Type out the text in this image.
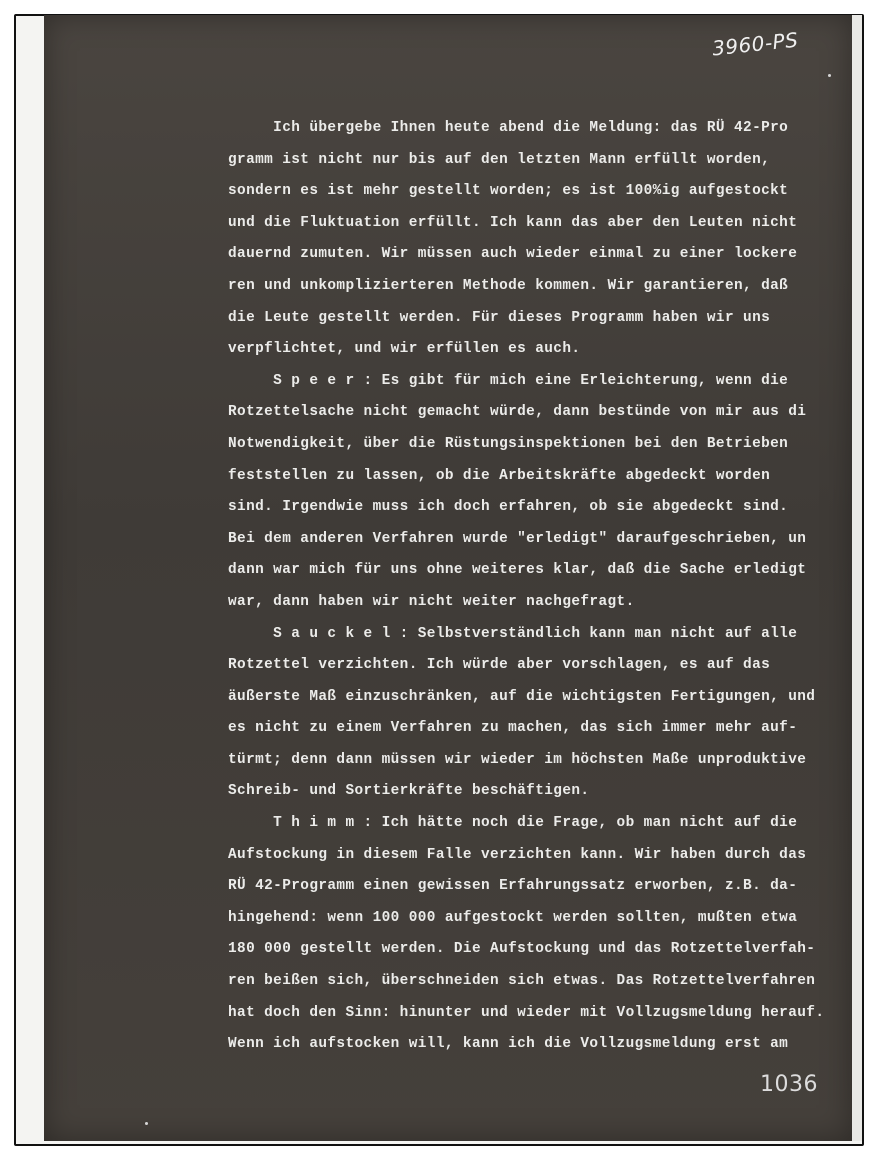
3960-PS
Ich übergebe Ihnen heute abend die Meldung: das RÜ 42-Pro
gramm ist nicht nur bis auf den letzten Mann erfüllt worden,
sondern es ist mehr gestellt worden; es ist 100%ig aufgestockt
und die Fluktuation erfüllt. Ich kann das aber den Leuten nicht
dauernd zumuten. Wir müssen auch wieder einmal zu einer lockere
ren und unkomplizierteren Methode kommen. Wir garantieren, daß
die Leute gestellt werden. Für dieses Programm haben wir uns
verpflichtet, und wir erfüllen es auch.
S p e e r : Es gibt für mich eine Erleichterung, wenn die
Rotzettelsache nicht gemacht würde, dann bestünde von mir aus di
Notwendigkeit, über die Rüstungsinspektionen bei den Betrieben
feststellen zu lassen, ob die Arbeitskräfte abgedeckt worden
sind. Irgendwie muss ich doch erfahren, ob sie abgedeckt sind.
Bei dem anderen Verfahren wurde "erledigt" daraufgeschrieben, un
dann war mich für uns ohne weiteres klar, daß die Sache erledigt
war, dann haben wir nicht weiter nachgefragt.
S a u c k e l : Selbstverständlich kann man nicht auf alle
Rotzettel verzichten. Ich würde aber vorschlagen, es auf das
äußerste Maß einzuschränken, auf die wichtigsten Fertigungen, und
es nicht zu einem Verfahren zu machen, das sich immer mehr auf-
türmt; denn dann müssen wir wieder im höchsten Maße unproduktive
Schreib- und Sortierkräfte beschäftigen.
T h i m m : Ich hätte noch die Frage, ob man nicht auf die
Aufstockung in diesem Falle verzichten kann. Wir haben durch das
RÜ 42-Programm einen gewissen Erfahrungssatz erworben, z.B. da-
hingehend: wenn 100 000 aufgestockt werden sollten, mußten etwa
180 000 gestellt werden. Die Aufstockung und das Rotzettelverfah-
ren beißen sich, überschneiden sich etwas. Das Rotzettelverfahren
hat doch den Sinn: hinunter und wieder mit Vollzugsmeldung herauf.
Wenn ich aufstocken will, kann ich die Vollzugsmeldung erst am
1036
